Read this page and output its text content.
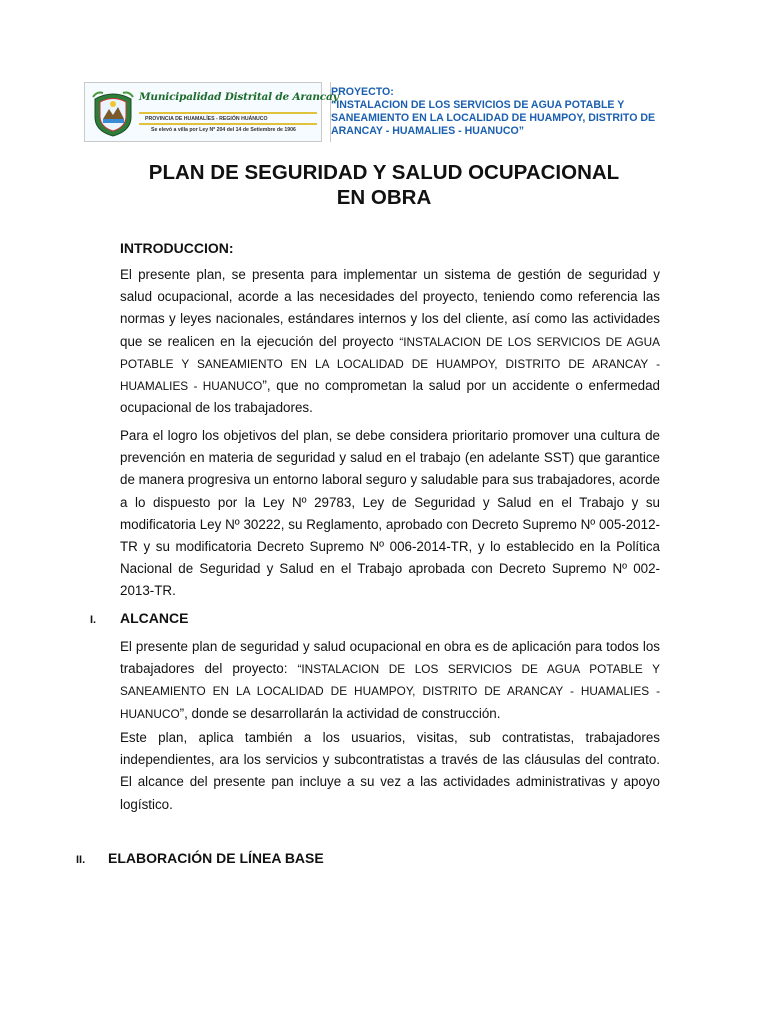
Municipalidad Distrital de Arancay
PROVINCIA DE HUAMALÍES - REGIÓN HUÁNUCO
Se elevó a villa por Ley Nº 204 del 14 de Setiembre de 1906
PROYECTO:
“INSTALACION DE LOS SERVICIOS DE AGUA POTABLE Y SANEAMIENTO EN LA LOCALIDAD DE HUAMPOY, DISTRITO DE ARANCAY - HUAMALIES - HUANUCO”
PLAN DE SEGURIDAD Y SALUD OCUPACIONAL
EN OBRA
INTRODUCCION:
El presente plan, se presenta para implementar un sistema de gestión de seguridad y salud ocupacional, acorde a las necesidades del proyecto, teniendo como referencia las normas y leyes nacionales, estándares internos y los del cliente, así como las actividades que se realicen en la ejecución del proyecto “INSTALACION DE LOS SERVICIOS DE AGUA POTABLE Y SANEAMIENTO EN LA LOCALIDAD DE HUAMPOY, DISTRITO DE ARANCAY - HUAMALIES - HUANUCO”, que no comprometan la salud por un accidente o enfermedad ocupacional de los trabajadores.
Para el logro los objetivos del plan, se debe considera prioritario promover una cultura de prevención en materia de seguridad y salud en el trabajo (en adelante SST) que garantice de manera progresiva un entorno laboral seguro y saludable para sus trabajadores, acorde a lo dispuesto por la Ley Nº 29783, Ley de Seguridad y Salud en el Trabajo y su modificatoria Ley Nº 30222, su Reglamento, aprobado con Decreto Supremo Nº 005-2012-TR y su modificatoria Decreto Supremo Nº 006-2014-TR, y lo establecido en la Política Nacional de Seguridad y Salud en el Trabajo aprobada con Decreto Supremo Nº 002-2013-TR.
I. ALCANCE
El presente plan de seguridad y salud ocupacional en obra es de aplicación para todos los trabajadores del proyecto: “INSTALACION DE LOS SERVICIOS DE AGUA POTABLE Y SANEAMIENTO EN LA LOCALIDAD DE HUAMPOY, DISTRITO DE ARANCAY - HUAMALIES - HUANUCO”, donde se desarrollarán la actividad de construcción.
Este plan, aplica también a los usuarios, visitas, sub contratistas, trabajadores independientes, ara los servicios y subcontratistas a través de las cláusulas del contrato. El alcance del presente pan incluye a su vez a las actividades administrativas y apoyo logístico.
II. ELABORACIÓN DE LÍNEA BASE
